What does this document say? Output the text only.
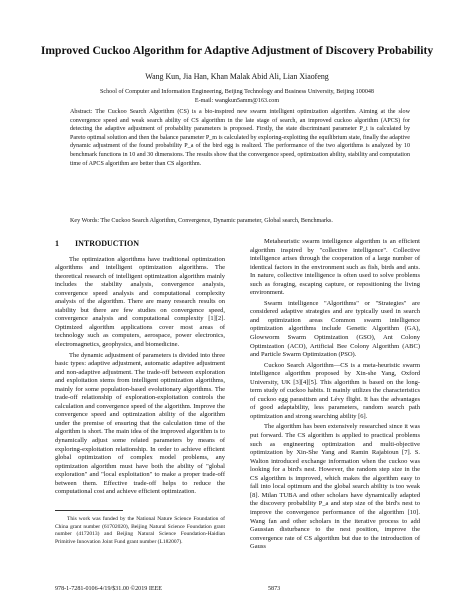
Improved Cuckoo Algorithm for Adaptive Adjustment of Discovery Probability
Wang Kun, Jia Han, Khan Malak Abid Ali, Lian Xiaofeng
School of Computer and Information Engineering, Beijing Technology and Business University, Beijing 100048
E-mail: wangkun5amm@163.com
Abstract: The Cuckoo Search Algorithm (CS) is a bio-inspired new swarm intelligent optimization algorithm. Aiming at the slow convergence speed and weak search ability of CS algorithm in the late stage of search, an improved cuckoo algorithm (APCS) for detecting the adaptive adjustment of probability parameters is proposed. Firstly, the state discriminant parameter P_t is calculated by Pareto optimal solution and then the balance parameter P_m is calculated by exploring-exploiting the equilibrium state, finally the adaptive dynamic adjustment of the found probability P_a of the bird egg is realized. The performance of the two algorithms is analyzed by 10 benchmark functions in 10 and 30 dimensions. The results show that the convergence speed, optimization ability, stability and computation time of APCS algorithm are better than CS algorithm.
Key Words: The Cuckoo Search Algorithm, Convergence, Dynamic parameter, Global search, Benchmarks.
1 INTRODUCTION

The optimization algorithms have traditional optimization algorithms and intelligent optimization algorithms. The theoretical research of intelligent optimization algorithm mainly includes the stability analysis, convergence analysis, convergence speed analysis and computational complexity analysis of the algorithm. There are many research results on stability but there are few studies on convergence speed, convergence analysis and computational complexity [1][2]. Optimized algorithm applications cover most areas of technology such as computers, aerospace, power electronics, electromagnetics, geophysics, and biomedicine.

The dynamic adjustment of parameters is divided into three basic types: adaptive adjustment, automatic adaptive adjustment and non-adaptive adjustment. The trade-off between exploration and exploitation stems from intelligent optimization algorithms, mainly for some population-based evolutionary algorithms. The trade-off relationship of exploration-exploitation controls the calculation and convergence speed of the algorithm. Improve the convergence speed and optimization ability of the algorithm under the premise of ensuring that the calculation time of the algorithm is short. The main idea of the improved algorithm is to dynamically adjust some related parameters by means of exploring-exploitation relationship. In order to achieve efficient global optimization of complex model problems, any optimization algorithm must have both the ability of "global exploration" and "local exploitation" to make a proper trade-off between them. Effective trade-off helps to reduce the computational cost and achieve efficient optimization.

Metaheuristic swarm intelligence algorithm is an efficient algorithm inspired by "collective intelligence". Collective intelligence arises through the cooperation of a large number of identical factors in the environment such as fish, birds and ants. In nature, collective intelligence is often used to solve problems such as foraging, escaping capture, or repositioning the living environment.

Swarm intelligence "Algorithms" or "Strategies" are considered adaptive strategies and are typically used in search and optimization areas Common swarm intelligence optimization algorithms include Genetic Algorithm (GA), Glowworm Swarm Optimization (GSO), Ant Colony Optimization (ACO), Artificial Bee Colony Algorithm (ABC) and Particle Swarm Optimization (PSO).

Cuckoo Search Algorithm—CS is a meta-heuristic swarm intelligence algorithm proposed by Xin-she Yang, Oxford University, UK [3][4][5]. This algorithm is based on the long-term study of cuckoo habits. It mainly utilizes the characteristics of cuckoo egg parasitism and Lévy flight. It has the advantages of good adaptability, less parameters, random search path optimization and strong searching ability [6].

The algorithm has been extensively researched since it was put forward. The CS algorithm is applied to practical problems such as engineering optimization and multi-objective optimization by Xin-She Yang and Ramin Rajabioun [7]. S. Walton introduced exchange information when the cuckoo was looking for a bird's nest. However, the random step size in the CS algorithm is improved, which makes the algorithm easy to fall into local optimum and the global search ability is too weak [8]. Milan TUBA and other scholars have dynamically adapted the discovery probability P_a and step size of the bird's nest to improve the convergence performance of the algorithm [10]. Wang fan and other scholars in the iterative process to add Gaussian disturbance to the nest position, improve the convergence rate of CS algorithm but due to the introduction of Gauss

This work was funded by the National Nature Science Foundation of China grant number (61702020), Beijing Natural Science Foundation grant number (4172013) and Beijing Natural Science Foundation-Haidian Primitive Innovation Joint Fund grant number (L182007).
978-1-7281-0106-4/19/$31.00 ©2019 IEEE	5873
